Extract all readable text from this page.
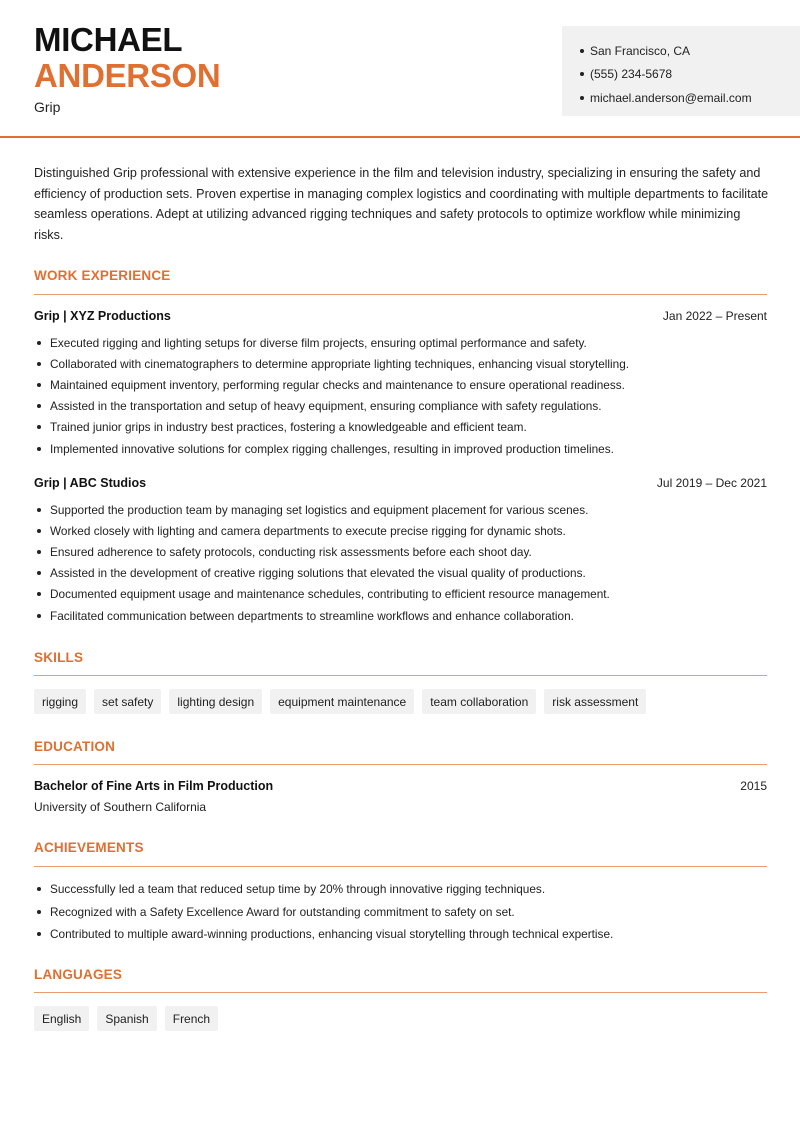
MICHAEL
ANDERSON
Grip
San Francisco, CA
(555) 234-5678
michael.anderson@email.com

Distinguished Grip professional with extensive experience in the film and television industry, specializing in ensuring the safety and efficiency of production sets. Proven expertise in managing complex logistics and coordinating with multiple departments to facilitate seamless operations. Adept at utilizing advanced rigging techniques and safety protocols to optimize workflow while minimizing risks.

WORK EXPERIENCE
Grip | XYZ Productions	Jan 2022 – Present
Executed rigging and lighting setups for diverse film projects, ensuring optimal performance and safety.
Collaborated with cinematographers to determine appropriate lighting techniques, enhancing visual storytelling.
Maintained equipment inventory, performing regular checks and maintenance to ensure operational readiness.
Assisted in the transportation and setup of heavy equipment, ensuring compliance with safety regulations.
Trained junior grips in industry best practices, fostering a knowledgeable and efficient team.
Implemented innovative solutions for complex rigging challenges, resulting in improved production timelines.
Grip | ABC Studios	Jul 2019 – Dec 2021
Supported the production team by managing set logistics and equipment placement for various scenes.
Worked closely with lighting and camera departments to execute precise rigging for dynamic shots.
Ensured adherence to safety protocols, conducting risk assessments before each shoot day.
Assisted in the development of creative rigging solutions that elevated the visual quality of productions.
Documented equipment usage and maintenance schedules, contributing to efficient resource management.
Facilitated communication between departments to streamline workflows and enhance collaboration.
SKILLS
rigging	set safety	lighting design	equipment maintenance	team collaboration	risk assessment
EDUCATION
Bachelor of Fine Arts in Film Production	2015
University of Southern California
ACHIEVEMENTS
Successfully led a team that reduced setup time by 20% through innovative rigging techniques.
Recognized with a Safety Excellence Award for outstanding commitment to safety on set.
Contributed to multiple award-winning productions, enhancing visual storytelling through technical expertise.
LANGUAGES
English	Spanish	French
